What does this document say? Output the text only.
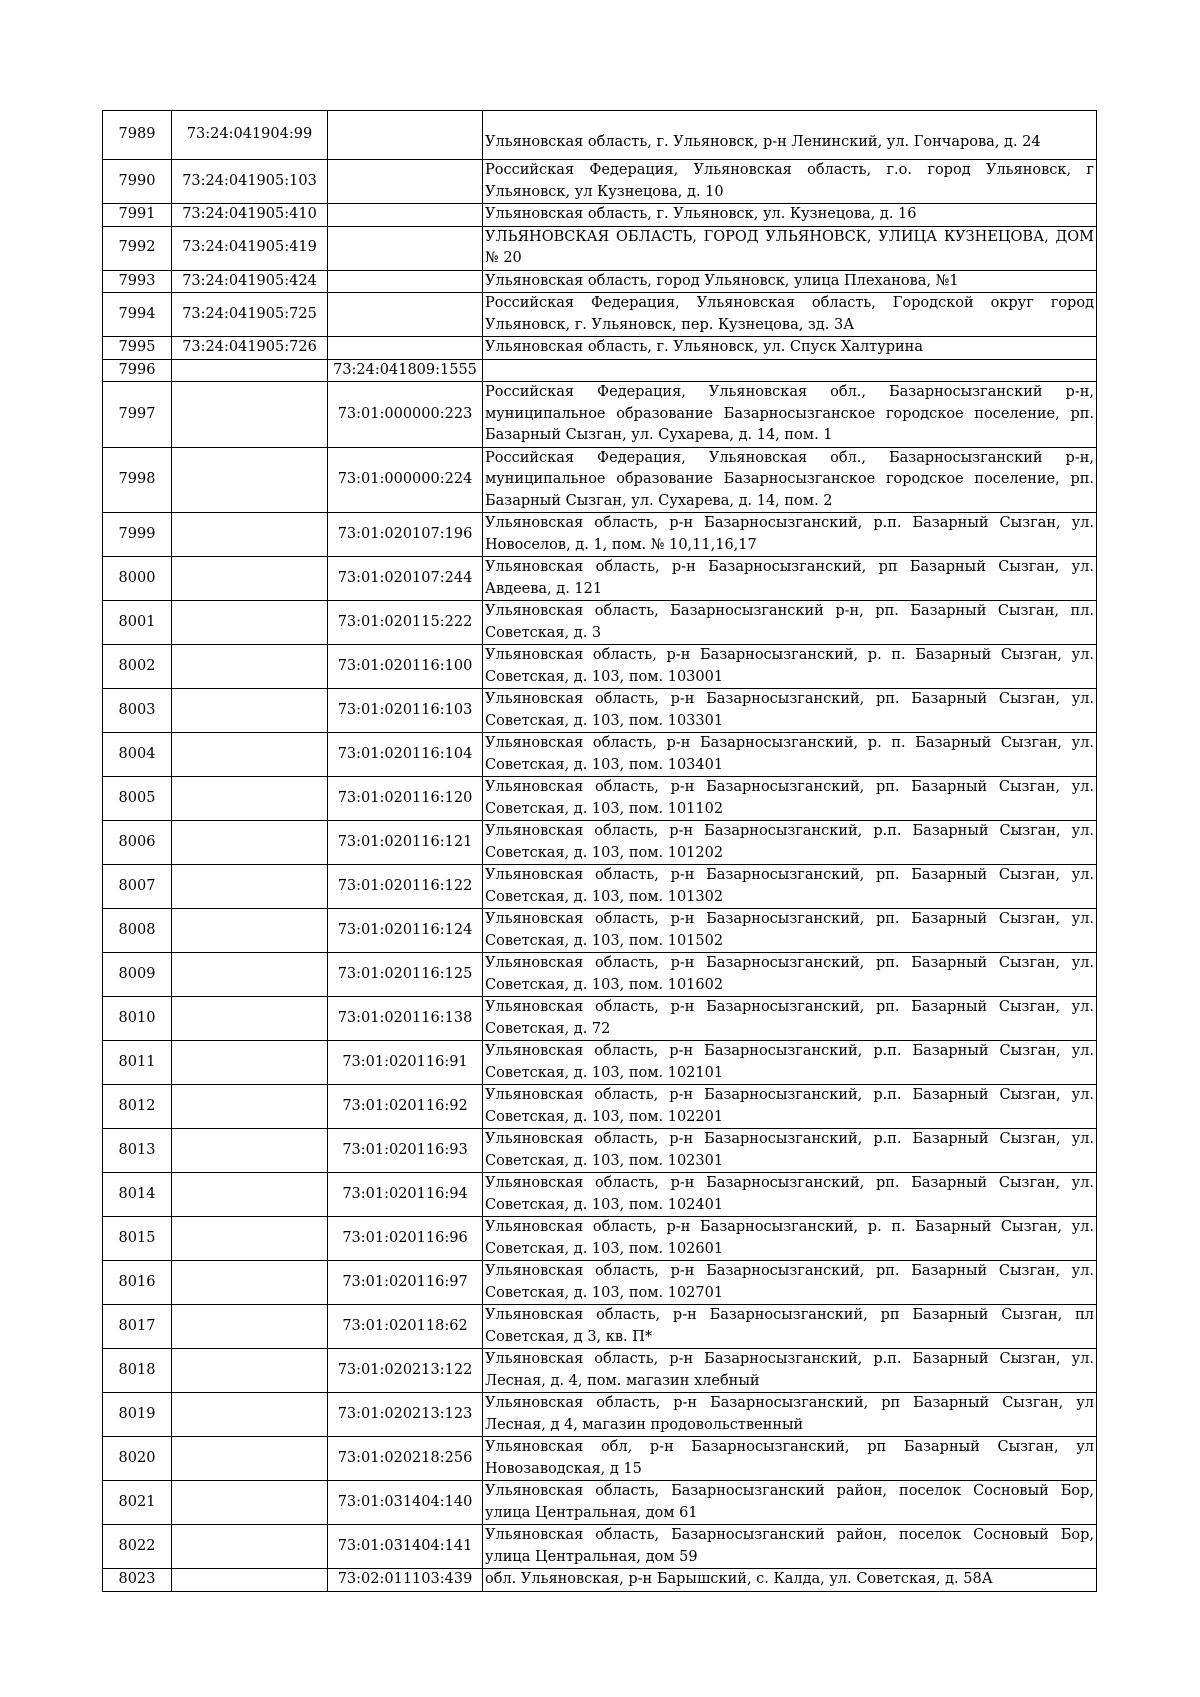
7989	73:24:041904:99		Ульяновская область, г. Ульяновск, р-н Ленинский, ул. Гончарова, д. 24
7990	73:24:041905:103		Российская Федерация, Ульяновская область, г.о. город Ульяновск, г Ульяновск, ул Кузнецова, д. 10
7991	73:24:041905:410		Ульяновская область, г. Ульяновск, ул. Кузнецова, д. 16
7992	73:24:041905:419		УЛЬЯНОВСКАЯ ОБЛАСТЬ, ГОРОД УЛЬЯНОВСК, УЛИЦА КУЗНЕЦОВА, ДОМ № 20
7993	73:24:041905:424		Ульяновская область, город Ульяновск, улица Плеханова, №1
7994	73:24:041905:725		Российская Федерация, Ульяновская область, Городской округ город Ульяновск, г. Ульяновск, пер. Кузнецова, зд. 3А
7995	73:24:041905:726		Ульяновская область, г. Ульяновск, ул. Спуск Халтурина
7996		73:24:041809:1555	
7997		73:01:000000:223	Российская Федерация, Ульяновская обл., Базарносызганский р-н, муниципальное образование Базарносызганское городское поселение, рп. Базарный Сызган, ул. Сухарева, д. 14, пом. 1
7998		73:01:000000:224	Российская Федерация, Ульяновская обл., Базарносызганский р-н, муниципальное образование Базарносызганское городское поселение, рп. Базарный Сызган, ул. Сухарева, д. 14, пом. 2
7999		73:01:020107:196	Ульяновская область, р-н Базарносызганский, р.п. Базарный Сызган, ул. Новоселов, д. 1, пом. № 10,11,16,17
8000		73:01:020107:244	Ульяновская область, р-н Базарносызганский, рп Базарный Сызган, ул. Авдеева, д. 121
8001		73:01:020115:222	Ульяновская область, Базарносызганский р-н, рп. Базарный Сызган, пл. Советская, д. 3
8002		73:01:020116:100	Ульяновская область, р-н Базарносызганский, р. п. Базарный Сызган, ул. Советская, д. 103, пом. 103001
8003		73:01:020116:103	Ульяновская область, р-н Базарносызганский, рп. Базарный Сызган, ул. Советская, д. 103, пом. 103301
8004		73:01:020116:104	Ульяновская область, р-н Базарносызганский, р. п. Базарный Сызган, ул. Советская, д. 103, пом. 103401
8005		73:01:020116:120	Ульяновская область, р-н Базарносызганский, рп. Базарный Сызган, ул. Советская, д. 103, пом. 101102
8006		73:01:020116:121	Ульяновская область, р-н Базарносызганский, р.п. Базарный Сызган, ул. Советская, д. 103, пом. 101202
8007		73:01:020116:122	Ульяновская область, р-н Базарносызганский, рп. Базарный Сызган, ул. Советская, д. 103, пом. 101302
8008		73:01:020116:124	Ульяновская область, р-н Базарносызганский, рп. Базарный Сызган, ул. Советская, д. 103, пом. 101502
8009		73:01:020116:125	Ульяновская область, р-н Базарносызганский, рп. Базарный Сызган, ул. Советская, д. 103, пом. 101602
8010		73:01:020116:138	Ульяновская область, р-н Базарносызганский, рп. Базарный Сызган, ул. Советская, д. 72
8011		73:01:020116:91	Ульяновская область, р-н Базарносызганский, р.п. Базарный Сызган, ул. Советская, д. 103, пом. 102101
8012		73:01:020116:92	Ульяновская область, р-н Базарносызганский, р.п. Базарный Сызган, ул. Советская, д. 103, пом. 102201
8013		73:01:020116:93	Ульяновская область, р-н Базарносызганский, р.п. Базарный Сызган, ул. Советская, д. 103, пом. 102301
8014		73:01:020116:94	Ульяновская область, р-н Базарносызганский, рп. Базарный Сызган, ул. Советская, д. 103, пом. 102401
8015		73:01:020116:96	Ульяновская область, р-н Базарносызганский, р. п. Базарный Сызган, ул. Советская, д. 103, пом. 102601
8016		73:01:020116:97	Ульяновская область, р-н Базарносызганский, рп. Базарный Сызган, ул. Советская, д. 103, пом. 102701
8017		73:01:020118:62	Ульяновская область, р-н Базарносызганский, рп Базарный Сызган, пл Советская, д 3, кв. П*
8018		73:01:020213:122	Ульяновская область, р-н Базарносызганский, р.п. Базарный Сызган, ул. Лесная, д. 4, пом. магазин хлебный
8019		73:01:020213:123	Ульяновская область, р-н Базарносызганский, рп Базарный Сызган, ул Лесная, д 4, магазин продовольственный
8020		73:01:020218:256	Ульяновская обл, р-н Базарносызганский, рп Базарный Сызган, ул Новозаводская, д 15
8021		73:01:031404:140	Ульяновская область, Базарносызганский район, поселок Сосновый Бор, улица Центральная, дом 61
8022		73:01:031404:141	Ульяновская область, Базарносызганский район, поселок Сосновый Бор, улица Центральная, дом 59
8023		73:02:011103:439	обл. Ульяновская, р-н Барышский, с. Калда, ул. Советская, д. 58А
